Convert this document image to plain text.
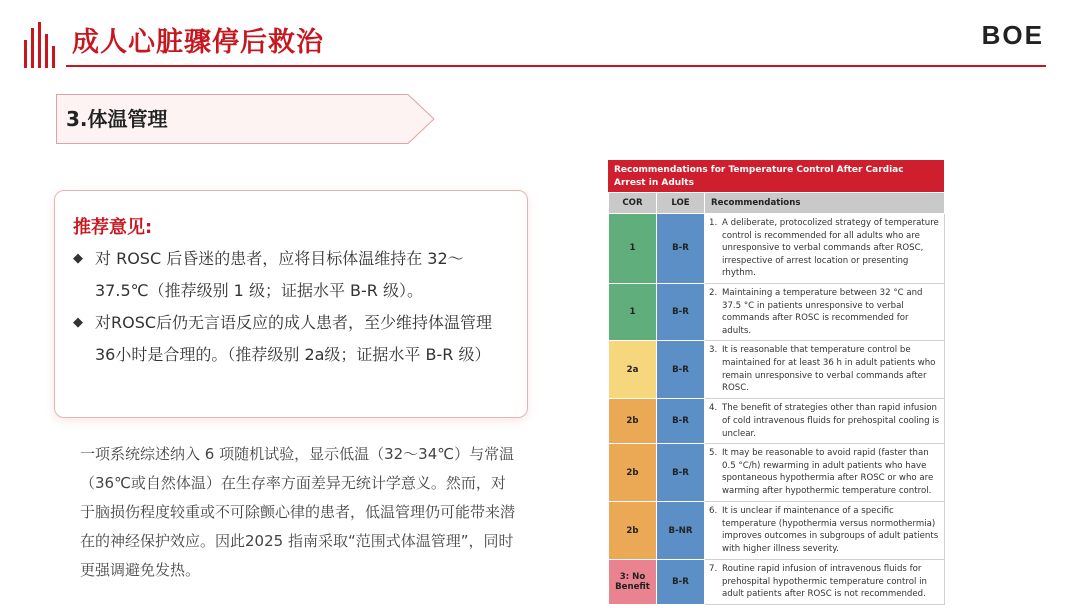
成人心脏骤停后救治	BOE
3.体温管理
推荐意见:
◆ 对 ROSC 后昏迷的患者，应将目标体温维持在 32～37.5℃（推荐级别 1 级；证据水平 B-R 级）。
◆ 对ROSC后仍无言语反应的成人患者，至少维持体温管理36小时是合理的。（推荐级别 2a级；证据水平 B-R 级）
一项系统综述纳入 6 项随机试验，显示低温（32～34℃）与常温（36℃或自然体温）在生存率方面差异无统计学意义。然而，对于脑损伤程度较重或不可除颤心律的患者，低温管理仍可能带来潜在的神经保护效应。因此2025 指南采取“范围式体温管理”，同时更强调避免发热。
Recommendations for Temperature Control After Cardiac Arrest in Adults
COR	LOE	Recommendations
1	B-R	1. A deliberate, protocolized strategy of temperature control is recommended for all adults who are unresponsive to verbal commands after ROSC, irrespective of arrest location or presenting rhythm.

1	B-R	2. Maintaining a temperature between 32 °C and 37.5 °C in patients unresponsive to verbal commands after ROSC is recommended for adults.

2a	B-R	3. It is reasonable that temperature control be maintained for at least 36 h in adult patients who remain unresponsive to verbal commands after ROSC.

2b	B-R	4. The benefit of strategies other than rapid infusion of cold intravenous fluids for prehospital cooling is unclear.

2b	B-R	5. It may be reasonable to avoid rapid (faster than 0.5 °C/h) rewarming in adult patients who have spontaneous hypothermia after ROSC or who are warming after hypothermic temperature control.

2b	B-NR	6. It is unclear if maintenance of a specific temperature (hypothermia versus normothermia) improves outcomes in subgroups of adult patients with higher illness severity.

3: No Benefit	B-R	7. Routine rapid infusion of intravenous fluids for prehospital hypothermic temperature control in adult patients after ROSC is not recommended.
